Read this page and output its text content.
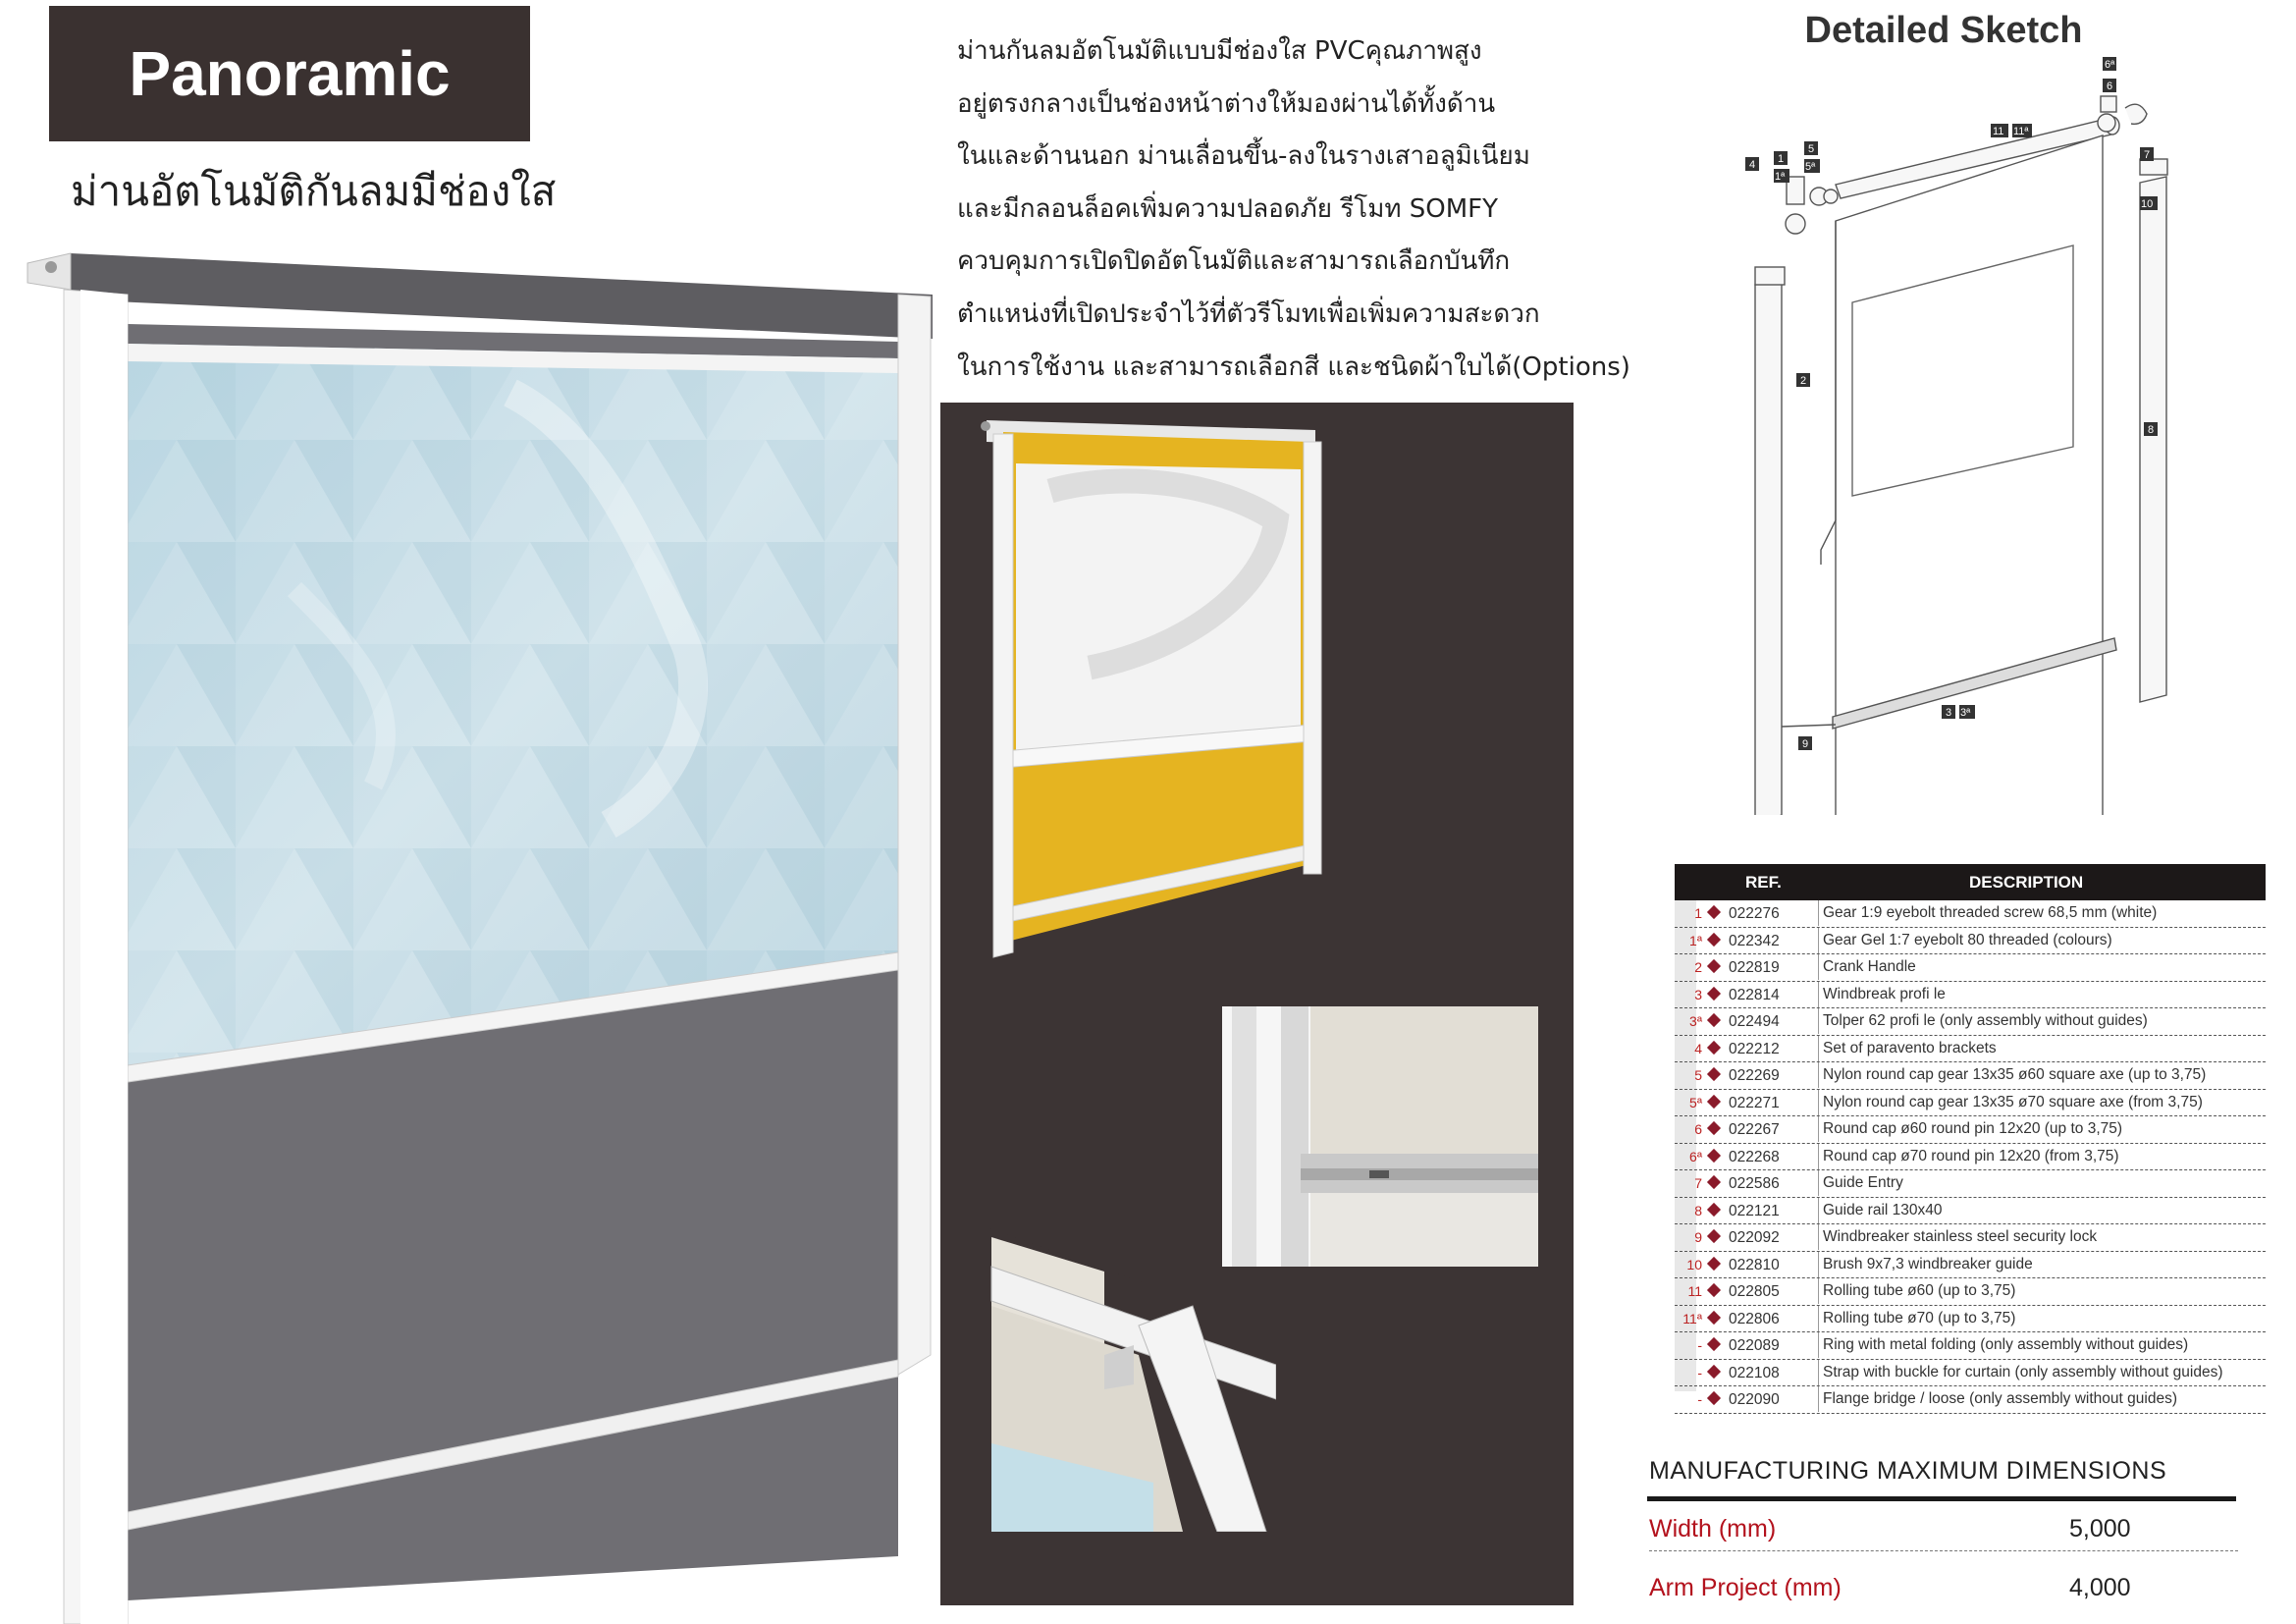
Panoramic
ม่านอัตโนมัติกันลมมีช่องใส
ม่านกันลมอัตโนมัติแบบมีช่องใส PVCคุณภาพสูง
อยู่ตรงกลางเป็นช่องหน้าต่างให้มองผ่านได้ทั้งด้าน
ในและด้านนอก ม่านเลื่อนขึ้น-ลงในรางเสาอลูมิเนียม
และมีกลอนล็อคเพิ่มความปลอดภัย รีโมท SOMFY
ควบคุมการเปิดปิดอัตโนมัติและสามารถเลือกบันทึก
ตำแหน่งที่เปิดประจำไว้ที่ตัวรีโมทเพื่อเพิ่มความสะดวก
ในการใช้งาน และสามารถเลือกสี และชนิดผ้าใบได้(Options)
Detailed Sketch
6ª
6
11 11ª
4 1
1ª
5
5ª
7
10
2
8
3 3ª
9
REF.	DESCRIPTION
1 022276	Gear 1:9 eyebolt threaded screw 68,5 mm (white)
1ª 022342	Gear Gel 1:7 eyebolt 80 threaded (colours)
2 022819	Crank Handle
3 022814	Windbreak profi le
3ª 022494	Tolper 62 profi le (only assembly without guides)
4 022212	Set of paravento brackets
5 022269	Nylon round cap gear 13x35 ø60 square axe (up to 3,75)
5ª 022271	Nylon round cap gear 13x35 ø70 square axe (from 3,75)
6 022267	Round cap ø60 round pin 12x20 (up to 3,75)
6ª 022268	Round cap ø70 round pin 12x20 (from 3,75)
7 022586	Guide Entry
8 022121	Guide rail 130x40
9 022092	Windbreaker stainless steel security lock
10 022810	Brush 9x7,3 windbreaker guide
11 022805	Rolling tube ø60 (up to 3,75)
11ª 022806	Rolling tube ø70 (up to 3,75)
- 022089	Ring with metal folding (only assembly without guides)
- 022108	Strap with buckle for curtain (only assembly without guides)
- 022090	Flange bridge / loose (only assembly without guides)
MANUFACTURING MAXIMUM DIMENSIONS
Width (mm)	5,000
Arm Project (mm)	4,000
